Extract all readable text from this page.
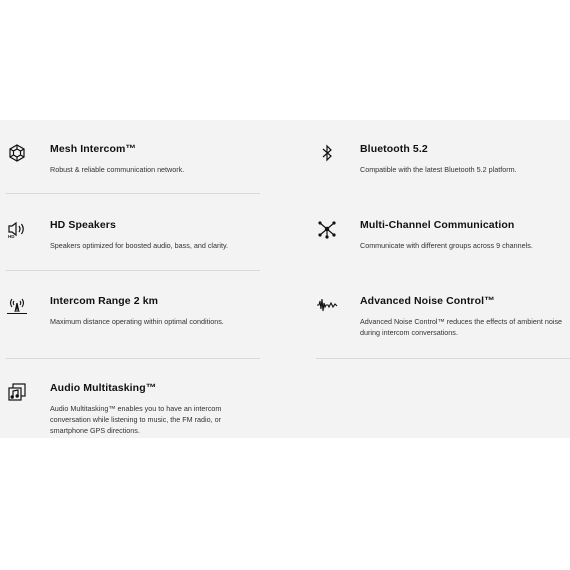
Mesh Intercom™
Robust & reliable communication network.
Bluetooth 5.2
Compatible with the latest Bluetooth 5.2 platform.
HD
HD Speakers
Speakers optimized for boosted audio, bass, and clarity.
Multi-Channel Communication
Communicate with different groups across 9 channels.
Intercom Range 2 km
Maximum distance operating within optimal conditions.
Advanced Noise Control™
Advanced Noise Control™ reduces the effects of ambient noise during intercom conversations.
Audio Multitasking™
Audio Multitasking™ enables you to have an intercom conversation while listening to music, the FM radio, or smartphone GPS directions.
